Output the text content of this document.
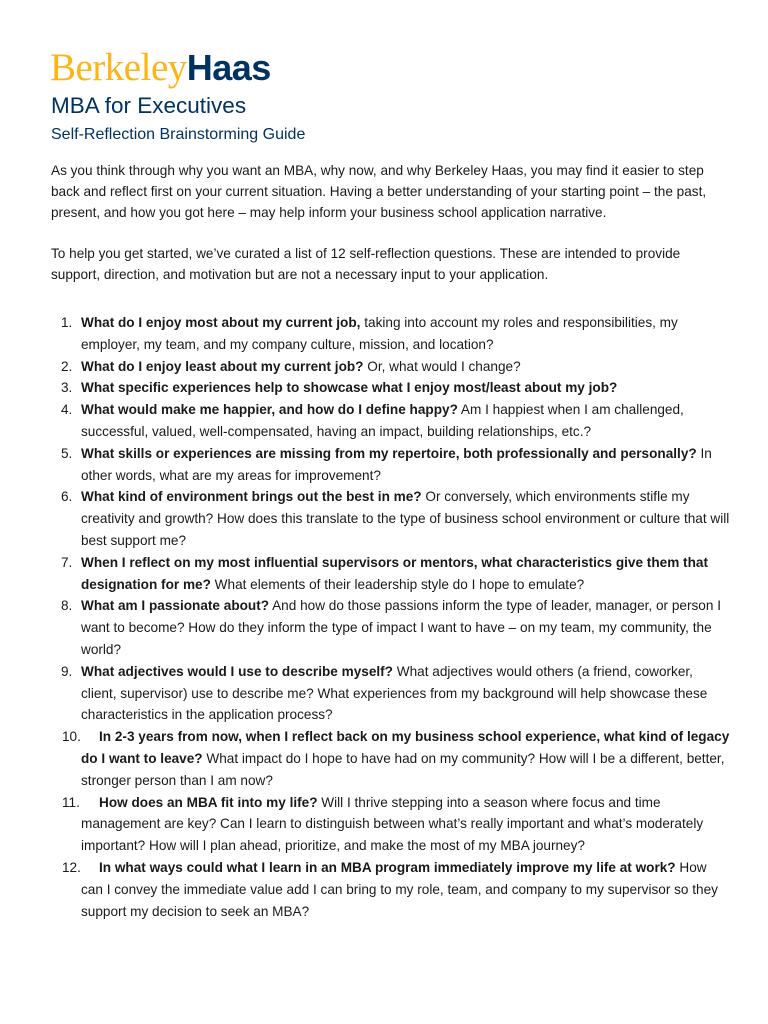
BerkeleyHaas
MBA for Executives
Self-Reflection Brainstorming Guide

As you think through why you want an MBA, why now, and why Berkeley Haas, you may find it easier to step back and reflect first on your current situation. Having a better understanding of your starting point – the past, present, and how you got here – may help inform your business school application narrative.

To help you get started, we’ve curated a list of 12 self-reflection questions. These are intended to provide support, direction, and motivation but are not a necessary input to your application.

1. What do I enjoy most about my current job, taking into account my roles and responsibilities, my employer, my team, and my company culture, mission, and location?
2. What do I enjoy least about my current job? Or, what would I change?
3. What specific experiences help to showcase what I enjoy most/least about my job?
4. What would make me happier, and how do I define happy? Am I happiest when I am challenged, successful, valued, well-compensated, having an impact, building relationships, etc.?
5. What skills or experiences are missing from my repertoire, both professionally and personally? In other words, what are my areas for improvement?
6. What kind of environment brings out the best in me? Or conversely, which environments stifle my creativity and growth? How does this translate to the type of business school environment or culture that will best support me?
7. When I reflect on my most influential supervisors or mentors, what characteristics give them that designation for me? What elements of their leadership style do I hope to emulate?
8. What am I passionate about? And how do those passions inform the type of leader, manager, or person I want to become? How do they inform the type of impact I want to have – on my team, my community, the world?
9. What adjectives would I use to describe myself? What adjectives would others (a friend, coworker, client, supervisor) use to describe me? What experiences from my background will help showcase these characteristics in the application process?
10. In 2-3 years from now, when I reflect back on my business school experience, what kind of legacy do I want to leave? What impact do I hope to have had on my community? How will I be a different, better, stronger person than I am now?
11. How does an MBA fit into my life? Will I thrive stepping into a season where focus and time management are key? Can I learn to distinguish between what’s really important and what’s moderately important? How will I plan ahead, prioritize, and make the most of my MBA journey?
12. In what ways could what I learn in an MBA program immediately improve my life at work? How can I convey the immediate value add I can bring to my role, team, and company to my supervisor so they support my decision to seek an MBA?
